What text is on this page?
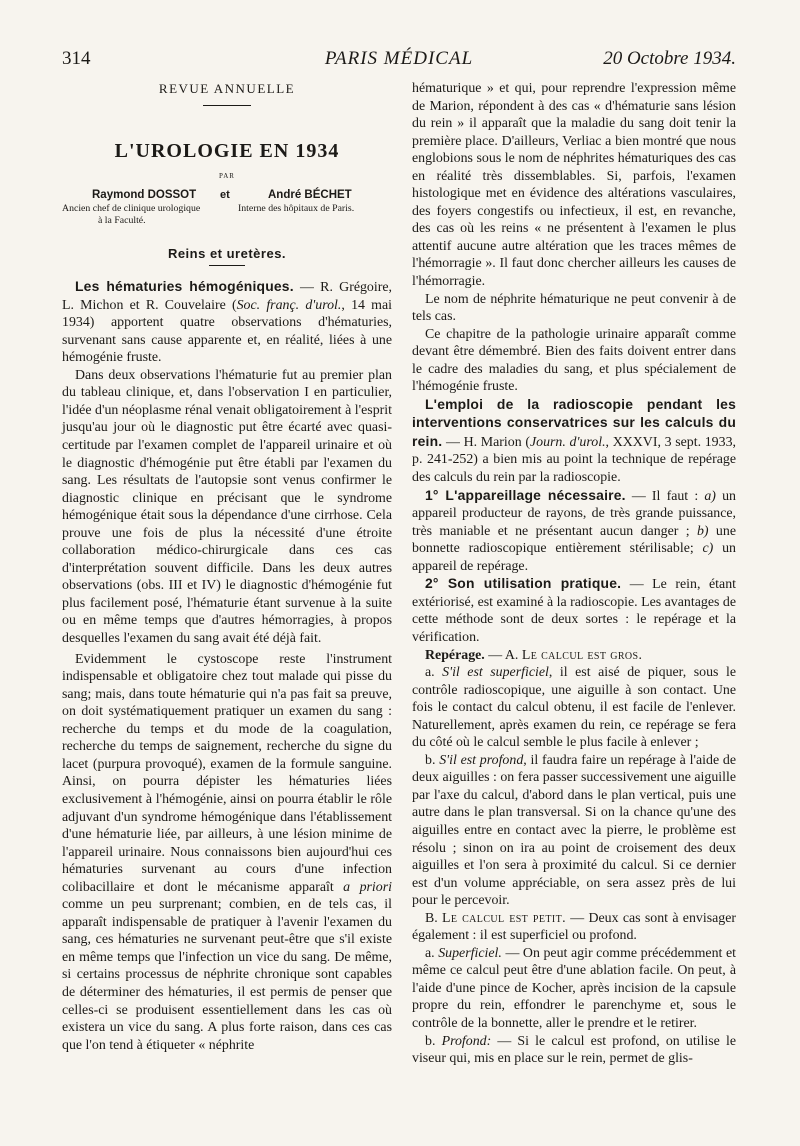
314	PARIS MÉDICAL	20 Octobre 1934.
REVUE ANNUELLE
L'UROLOGIE EN 1934
PAR
Raymond DOSSOT et	André BÉCHET
Ancien chef de clinique urologique
à la Faculté.
Interne des hôpitaux de Paris.
Reins et uretères.

Les hématuries hémogéniques. — R. Grégoire, L. Michon et R. Couvelaire (Soc. franç. d'urol., 14 mai 1934) apportent quatre observations d'hématuries, survenant sans cause apparente et, en réalité, liées à une hémogénie fruste.

Dans deux observations l'hématurie fut au premier plan du tableau clinique, et, dans l'observation I en particulier, l'idée d'un néoplasme rénal venait obligatoirement à l'esprit jusqu'au jour où le diagnostic put être écarté avec quasi-certitude par l'examen complet de l'appareil urinaire et où le diagnostic d'hémogénie put être établi par l'examen du sang. Les résultats de l'autopsie sont venus confirmer le diagnostic clinique en précisant que le syndrome hémogénique était sous la dépendance d'une cirrhose. Cela prouve une fois de plus la nécessité d'une étroite collaboration médico-chirurgicale dans ces cas d'interprétation souvent difficile. Dans les deux autres observations (obs. III et IV) le diagnostic d'hémogénie fut plus facilement posé, l'hématurie étant survenue à la suite ou en même temps que d'autres hémorragies, à propos desquelles l'examen du sang avait été déjà fait.

Evidemment le cystoscope reste l'instrument indispensable et obligatoire chez tout malade qui pisse du sang; mais, dans toute hématurie qui n'a pas fait sa preuve, on doit systématiquement pratiquer un examen du sang : recherche du temps et du mode de la coagulation, recherche du temps de saignement, recherche du signe du lacet (purpura provoqué), examen de la formule sanguine. Ainsi, on pourra dépister les hématuries liées exclusivement à l'hémogénie, ainsi on pourra établir le rôle adjuvant d'un syndrome hémogénique dans l'établissement d'une hématurie liée, par ailleurs, à une lésion minime de l'appareil urinaire. Nous connaissons bien aujourd'hui ces hématuries survenant au cours d'une infection colibacillaire et dont le mécanisme apparaît a priori comme un peu surprenant; combien, en de tels cas, il apparaît indispensable de pratiquer à l'avenir l'examen du sang, ces hématuries ne survenant peut-être que s'il existe en même temps que l'infection un vice du sang. De même, si certains processus de néphrite chronique sont capables de déterminer des hématuries, il est permis de penser que celles-ci se produisent essentiellement dans les cas où existera un vice du sang. A plus forte raison, dans ces cas que l'on tend à étiqueter « néphrite

hématurique » et qui, pour reprendre l'expression même de Marion, répondent à des cas « d'hématurie sans lésion du rein » il apparaît que la maladie du sang doit tenir la première place. D'ailleurs, Verliac a bien montré que nous englobions sous le nom de néphrites hématuriques des cas en réalité très dissemblables. Si, parfois, l'examen histologique met en évidence des altérations vasculaires, des foyers congestifs ou infectieux, il est, en revanche, des cas où les reins « ne présentent à l'examen le plus attentif aucune autre altération que les traces mêmes de l'hémorragie ». Il faut donc chercher ailleurs les causes de l'hémorragie.

Le nom de néphrite hématurique ne peut convenir à de tels cas.

Ce chapitre de la pathologie urinaire apparaît comme devant être démembré. Bien des faits doivent entrer dans le cadre des maladies du sang, et plus spécialement de l'hémogénie fruste.

L'emploi de la radioscopie pendant les interventions conservatrices sur les calculs du rein. — H. Marion (Journ. d'urol., XXXVI, 3 sept. 1933, p. 241-252) a bien mis au point la technique de repérage des calculs du rein par la radioscopie.

1° L'appareillage nécessaire. — Il faut : a) un appareil producteur de rayons, de très grande puissance, très maniable et ne présentant aucun danger ; b) une bonnette radioscopique entièrement stérilisable; c) un appareil de repérage.

2° Son utilisation pratique. — Le rein, étant extériorisé, est examiné à la radioscopie. Les avantages de cette méthode sont de deux sortes : le repérage et la vérification.

Repérage. — A. Le calcul est gros.

a. S'il est superficiel, il est aisé de piquer, sous le contrôle radioscopique, une aiguille à son contact. Une fois le contact du calcul obtenu, il est facile de l'enlever. Naturellement, après examen du rein, ce repérage se fera du côté où le calcul semble le plus facile à enlever ;

b. S'il est profond, il faudra faire un repérage à l'aide de deux aiguilles : on fera passer successivement une aiguille par l'axe du calcul, d'abord dans le plan vertical, puis une autre dans le plan transversal. Si on la chance qu'une des aiguilles entre en contact avec la pierre, le problème est résolu ; sinon on ira au point de croisement des deux aiguilles et l'on sera à proximité du calcul. Si ce dernier est d'un volume appréciable, on sera assez près de lui pour le percevoir.

B. Le calcul est petit. — Deux cas sont à envisager également : il est superficiel ou profond.

a. Superficiel. — On peut agir comme précédemment et même ce calcul peut être d'une ablation facile. On peut, à l'aide d'une pince de Kocher, après incision de la capsule propre du rein, effondrer le parenchyme et, sous le contrôle de la bonnette, aller le prendre et le retirer.

b. Profond: — Si le calcul est profond, on utilise le viseur qui, mis en place sur le rein, permet de glis-
